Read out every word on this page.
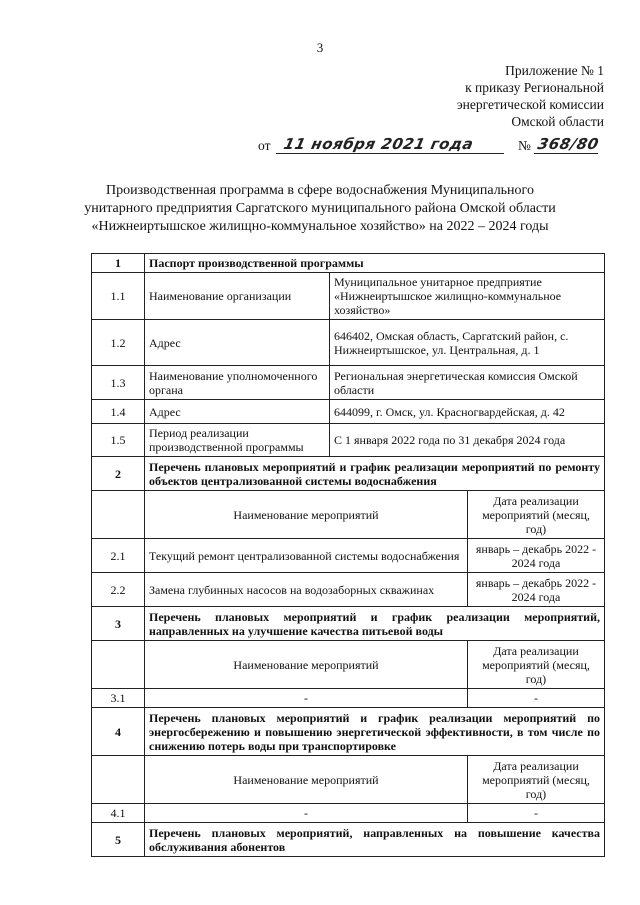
3
Приложение № 1
к приказу Региональной
энергетической комиссии
Омской области
от 11 ноября 2021 года	№ 368/80
Производственная программа в сфере водоснабжения Муниципального
унитарного предприятия Саргатского муниципального района Омской области
«Нижнеиртышское жилищно-коммунальное хозяйство» на 2022 – 2024 годы
1	Паспорт производственной программы		
1.1	Наименование организации	Муниципальное унитарное предприятие «Нижнеиртышское жилищно-коммунальное хозяйство»	
1.2	Адрес	646402, Омская область, Саргатский район, с. Нижнеиртышское, ул. Центральная, д. 1	
1.3	Наименование уполномоченного органа	Региональная энергетическая комиссия Омской области	
1.4	Адрес	644099, г. Омск, ул. Красногвардейская, д. 42	
1.5	Период реализации производственной программы	С 1 января 2022 года по 31 декабря 2024 года	
2	Перечень плановых мероприятий и график реализации мероприятий по ремонту объектов централизованной системы водоснабжения		
	Наименование мероприятий		Дата реализации мероприятий (месяц, год)
2.1	Текущий ремонт централизованной системы водоснабжения		январь – декабрь 2022 - 2024 года
2.2	Замена глубинных насосов на водозаборных скважинах		январь – декабрь 2022 - 2024 года
3	Перечень плановых мероприятий и график реализации мероприятий, направленных на улучшение качества питьевой воды		
	Наименование мероприятий		Дата реализации мероприятий (месяц, год)
3.1	-		-
4	Перечень плановых мероприятий и график реализации мероприятий по энергосбережению и повышению энергетической эффективности, в том числе по снижению потерь воды при транспортировке		
	Наименование мероприятий		Дата реализации мероприятий (месяц, год)
4.1	-		-
5	Перечень плановых мероприятий, направленных на повышение качества обслуживания абонентов		
